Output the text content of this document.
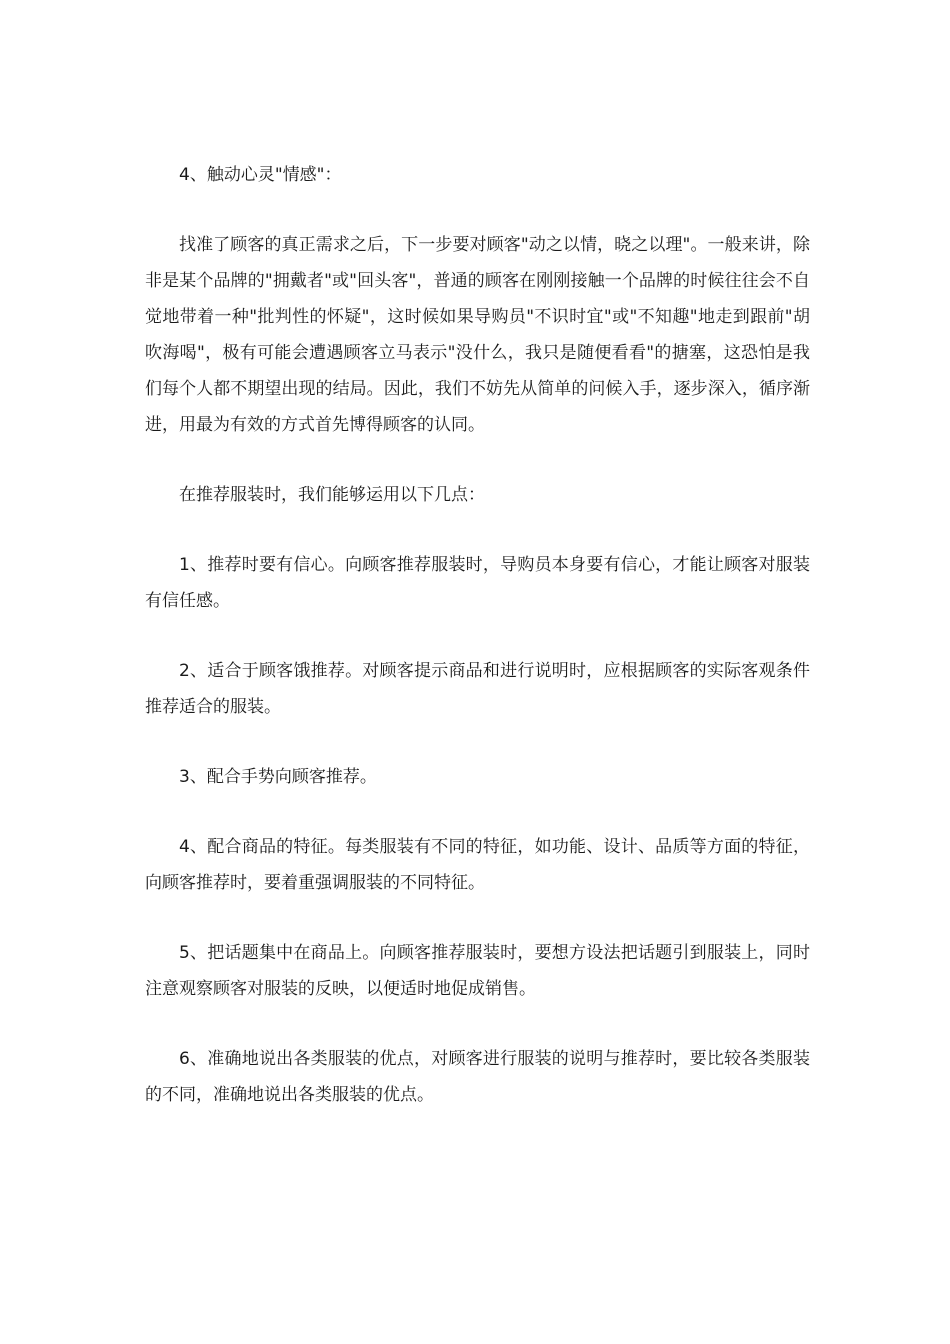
4、触动心灵"情感"：

找准了顾客的真正需求之后，下一步要对顾客"动之以情，晓之以理"。一般来讲，除非是某个品牌的"拥戴者"或"回头客"，普通的顾客在刚刚接触一个品牌的时候往往会不自觉地带着一种"批判性的怀疑"，这时候如果导购员"不识时宜"或"不知趣"地走到跟前"胡吹海喝"，极有可能会遭遇顾客立马表示"没什么，我只是随便看看"的搪塞，这恐怕是我们每个人都不期望出现的结局。因此，我们不妨先从简单的问候入手，逐步深入，循序渐进，用最为有效的方式首先博得顾客的认同。

在推荐服装时，我们能够运用以下几点：

1、推荐时要有信心。向顾客推荐服装时，导购员本身要有信心，才能让顾客对服装有信任感。

2、适合于顾客饿推荐。对顾客提示商品和进行说明时，应根据顾客的实际客观条件推荐适合的服装。

3、配合手势向顾客推荐。

4、配合商品的特征。每类服装有不同的特征，如功能、设计、品质等方面的特征，向顾客推荐时，要着重强调服装的不同特征。

5、把话题集中在商品上。向顾客推荐服装时，要想方设法把话题引到服装上，同时注意观察顾客对服装的反映，以便适时地促成销售。

6、准确地说出各类服装的优点，对顾客进行服装的说明与推荐时，要比较各类服装的不同，准确地说出各类服装的优点。
